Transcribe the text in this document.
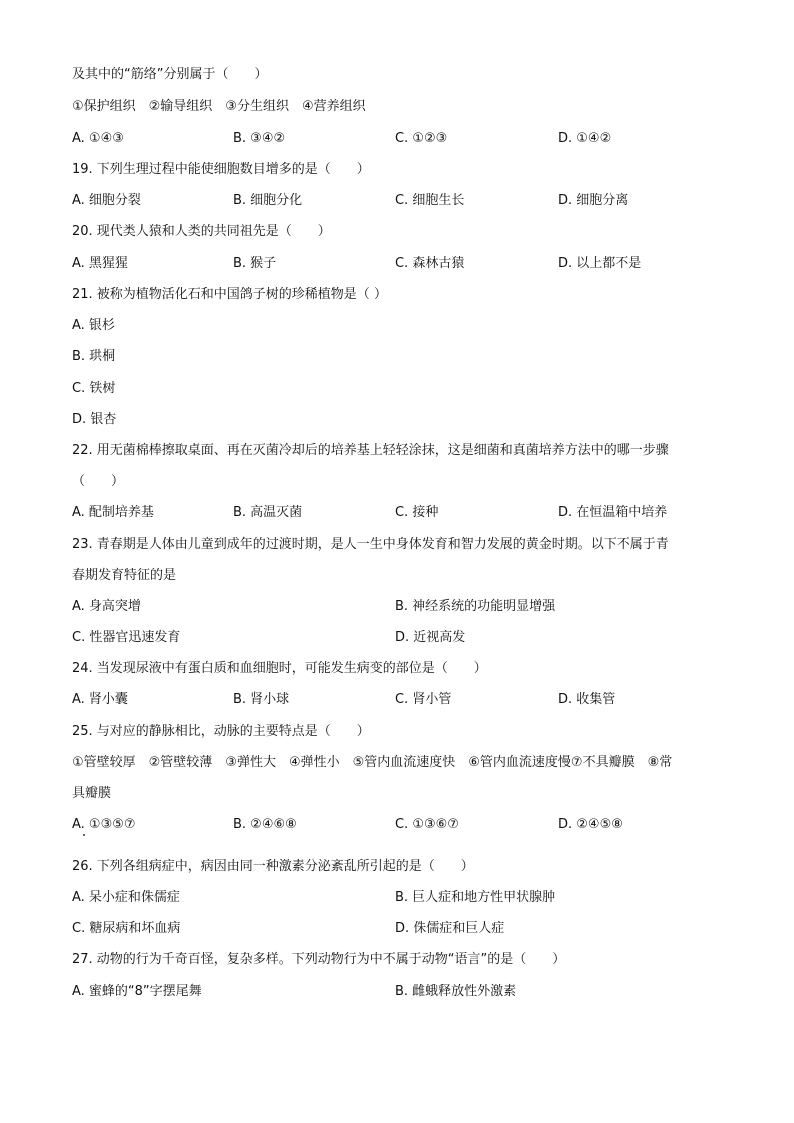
及其中的“筋络”分别属于（　　）
①保护组织　②输导组织　③分生组织　④营养组织
A. ①④③	B. ③④②	C. ①②③	D. ①④②
19. 下列生理过程中能使细胞数目增多的是（　　）
A. 细胞分裂	B. 细胞分化	C. 细胞生长	D. 细胞分离
20. 现代类人猿和人类的共同祖先是（　　）
A. 黑猩猩	B. 猴子	C. 森林古猿	D. 以上都不是
21. 被称为植物活化石和中国鸽子树的珍稀植物是（ ）
A. 银杉
B. 珙桐
C. 铁树
D. 银杏
22. 用无菌棉棒擦取桌面、再在灭菌冷却后的培养基上轻轻涂抹，这是细菌和真菌培养方法中的哪一步骤
（　　）
A. 配制培养基	B. 高温灭菌	C. 接种	D. 在恒温箱中培养
23. 青春期是人体由儿童到成年的过渡时期，是人一生中身体发育和智力发展的黄金时期。以下不属于青
春期发育特征的是
A. 身高突增	B. 神经系统的功能明显增强
C. 性器官迅速发育	D. 近视高发
24. 当发现尿液中有蛋白质和血细胞时，可能发生病变的部位是（　　）
A. 肾小囊	B. 肾小球	C. 肾小管	D. 收集管
25. 与对应的静脉相比，动脉的主要特点是（　　）
①管壁较厚　②管壁较薄　③弹性大　④弹性小　⑤管内血流速度快　⑥管内血流速度慢⑦不具瓣膜　⑧常
具瓣膜
A. ①③⑤⑦	B. ②④⑥⑧	C. ①③⑥⑦	D. ②④⑤⑧
26. 下列各组病症中，病因由同一种激素分泌紊乱所引起的是（　　）
A. 呆小症和侏儒症	B. 巨人症和地方性甲状腺肿
C. 糖尿病和坏血病	D. 侏儒症和巨人症
27. 动物的行为千奇百怪，复杂多样。下列动物行为中不属于动物“语言”的是（　　）
A. 蜜蜂的“8”字摆尾舞	B. 雌蛾释放性外激素
